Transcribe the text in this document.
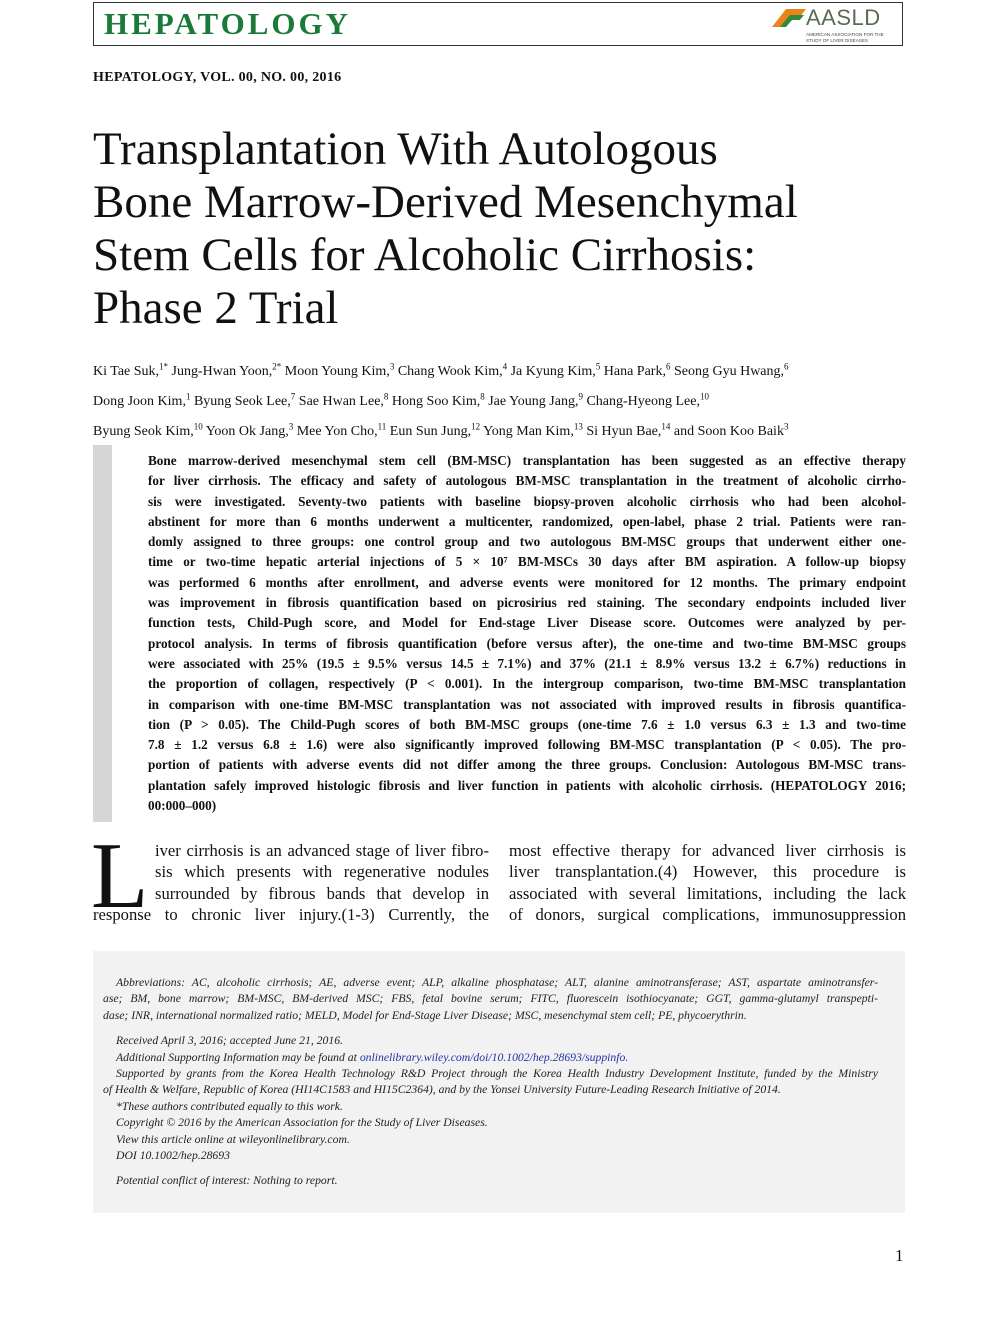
HEPATOLOGY	AASLD
AMERICAN ASSOCIATION FOR THE STUDY OF LIVER DISEASES
HEPATOLOGY, VOL. 00, NO. 00, 2016
Transplantation With Autologous
Bone Marrow-Derived Mesenchymal
Stem Cells for Alcoholic Cirrhosis:
Phase 2 Trial
Ki Tae Suk,$^{1*}$ Jung-Hwan Yoon,$^{2*}$ Moon Young Kim,$^3$ Chang Wook Kim,$^4$ Ja Kyung Kim,$^5$ Hana Park,$^6$ Seong Gyu Hwang,$^6$
Dong Joon Kim,$^1$ Byung Seok Lee,$^7$ Sae Hwan Lee,$^8$ Hong Soo Kim,$^8$ Jae Young Jang,$^9$ Chang-Hyeong Lee,$^{10}$
Byung Seok Kim,$^{10}$ Yoon Ok Jang,$^3$ Mee Yon Cho,$^{11}$ Eun Sun Jung,$^{12}$ Yong Man Kim,$^{13}$ Si Hyun Bae,$^{14}$ and Soon Koo Baik$^3$
Bone marrow-derived mesenchymal stem cell (BM-MSC) transplantation has been suggested as an effective therapy
for liver cirrhosis. The efficacy and safety of autologous BM-MSC transplantation in the treatment of alcoholic cirrho-
sis were investigated. Seventy-two patients with baseline biopsy-proven alcoholic cirrhosis who had been alcohol-
abstinent for more than 6 months underwent a multicenter, randomized, open-label, phase 2 trial. Patients were ran-
domly assigned to three groups: one control group and two autologous BM-MSC groups that underwent either one-
time or two-time hepatic arterial injections of 5 × 10⁷ BM-MSCs 30 days after BM aspiration. A follow-up biopsy
was performed 6 months after enrollment, and adverse events were monitored for 12 months. The primary endpoint
was improvement in fibrosis quantification based on picrosirius red staining. The secondary endpoints included liver
function tests, Child-Pugh score, and Model for End-stage Liver Disease score. Outcomes were analyzed by per-
protocol analysis. In terms of fibrosis quantification (before versus after), the one-time and two-time BM-MSC groups
were associated with 25% (19.5 ± 9.5% versus 14.5 ± 7.1%) and 37% (21.1 ± 8.9% versus 13.2 ± 6.7%) reductions in
the proportion of collagen, respectively (P < 0.001). In the intergroup comparison, two-time BM-MSC transplantation
in comparison with one-time BM-MSC transplantation was not associated with improved results in fibrosis quantifica-
tion (P > 0.05). The Child-Pugh scores of both BM-MSC groups (one-time 7.6 ± 1.0 versus 6.3 ± 1.3 and two-time
7.8 ± 1.2 versus 6.8 ± 1.6) were also significantly improved following BM-MSC transplantation (P < 0.05). The pro-
portion of patients with adverse events did not differ among the three groups. Conclusion: Autologous BM-MSC trans-
plantation safely improved histologic fibrosis and liver function in patients with alcoholic cirrhosis. (HEPATOLOGY 2016;
00:000–000)
L iver cirrhosis is an advanced stage of liver fibro-
sis which presents with regenerative nodules
surrounded by fibrous bands that develop in
response to chronic liver injury.(1-3) Currently, the
most effective therapy for advanced liver cirrhosis is
liver transplantation.(4) However, this procedure is
associated with several limitations, including the lack
of donors, surgical complications, immunosuppression
Abbreviations: AC, alcoholic cirrhosis; AE, adverse event; ALP, alkaline phosphatase; ALT, alanine aminotransferase; AST, aspartate aminotransfer-
ase; BM, bone marrow; BM-MSC, BM-derived MSC; FBS, fetal bovine serum; FITC, fluorescein isothiocyanate; GGT, gamma-glutamyl transpepti-
dase; INR, international normalized ratio; MELD, Model for End-Stage Liver Disease; MSC, mesenchymal stem cell; PE, phycoerythrin.
Received April 3, 2016; accepted June 21, 2016.
Additional Supporting Information may be found at onlinelibrary.wiley.com/doi/10.1002/hep.28693/suppinfo.
Supported by grants from the Korea Health Technology R&D Project through the Korea Health Industry Development Institute, funded by the Ministry
of Health & Welfare, Republic of Korea (HI14C1583 and HI15C2364), and by the Yonsei University Future-Leading Research Initiative of 2014.
*These authors contributed equally to this work.
Copyright © 2016 by the American Association for the Study of Liver Diseases.
View this article online at wileyonlinelibrary.com.
DOI 10.1002/hep.28693
Potential conflict of interest: Nothing to report.
1
